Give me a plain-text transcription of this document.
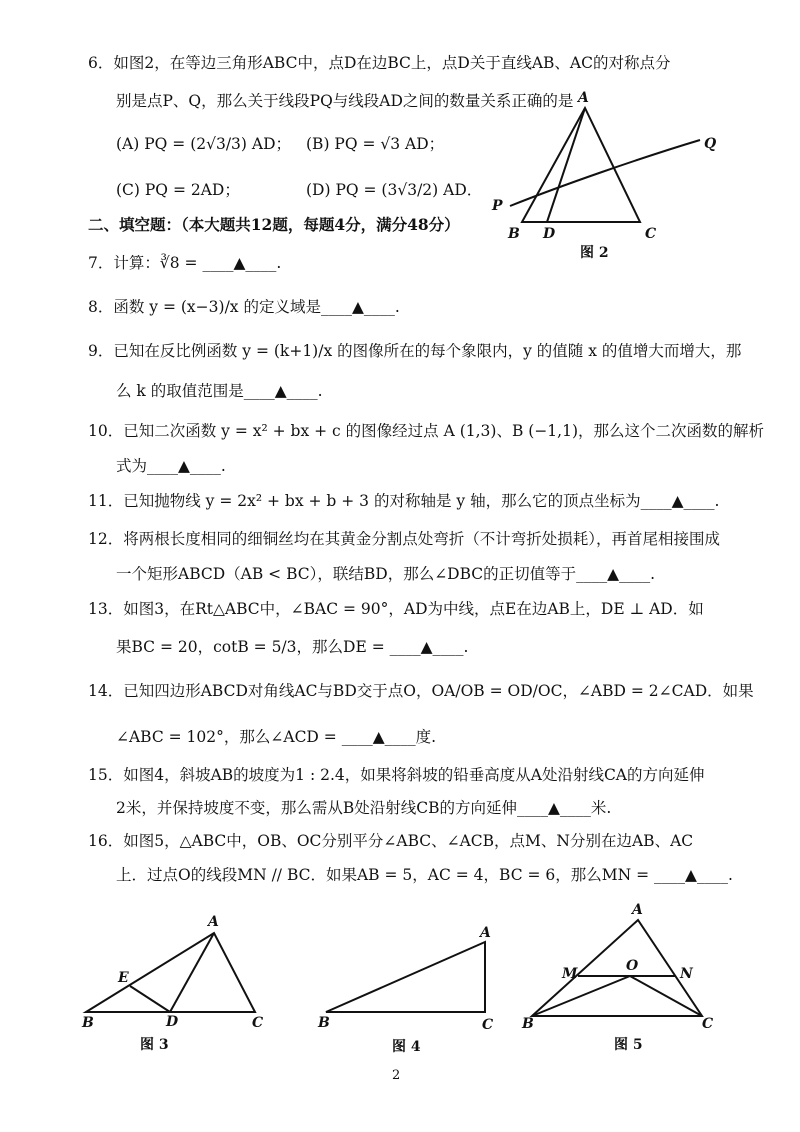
6．如图2，在等边三角形ABC中，点D在边BC上，点D关于直线AB、AC的对称点分
别是点P、Q，那么关于线段PQ与线段AD之间的数量关系正确的是
(A) PQ = (2√3/3) AD； (B) PQ = √3 AD；
(C) PQ = 2AD；	(D) PQ = (3√3/2) AD．
二、填空题：（本大题共12题，每题4分，满分48分）
7．计算：∛8 = ____▲____.
8．函数 y = (x−3)/x 的定义域是____▲____.
9．已知在反比例函数 y = (k+1)/x 的图像所在的每个象限内，y 的值随 x 的值增大而增大，那
么 k 的取值范围是____▲____.
10．已知二次函数 y = x² + bx + c 的图像经过点 A (1,3)、B (−1,1)，那么这个二次函数的解析
式为____▲____.
11．已知抛物线 y = 2x² + bx + b + 3 的对称轴是 y 轴，那么它的顶点坐标为____▲____.
12．将两根长度相同的细铜丝均在其黄金分割点处弯折（不计弯折处损耗），再首尾相接围成
一个矩形ABCD（AB < BC），联结BD，那么∠DBC的正切值等于____▲____.
13．如图3，在Rt△ABC中，∠BAC = 90°，AD为中线，点E在边AB上，DE ⊥ AD．如
果BC = 20，cotB = 5/3，那么DE = ____▲____.
14．已知四边形ABCD对角线AC与BD交于点O，OA/OB = OD/OC，∠ABD = 2∠CAD．如果
∠ABC = 102°，那么∠ACD = ____▲____度.
15．如图4，斜坡AB的坡度为1 : 2.4，如果将斜坡的铅垂高度从A处沿射线CA的方向延伸
2米，并保持坡度不变，那么需从B处沿射线CB的方向延伸____▲____米.
16．如图5，△ABC中，OB、OC分别平分∠ABC、∠ACB，点M、N分别在边AB、AC
上．过点O的线段MN // BC．如果AB = 5，AC = 4，BC = 6，那么MN = ____▲____.
A
B	C
D
P
Q
图 2
A
B	C
D
E
图 3
A
B	C
图 4
A
B	C
M	N
O
图 5
2
